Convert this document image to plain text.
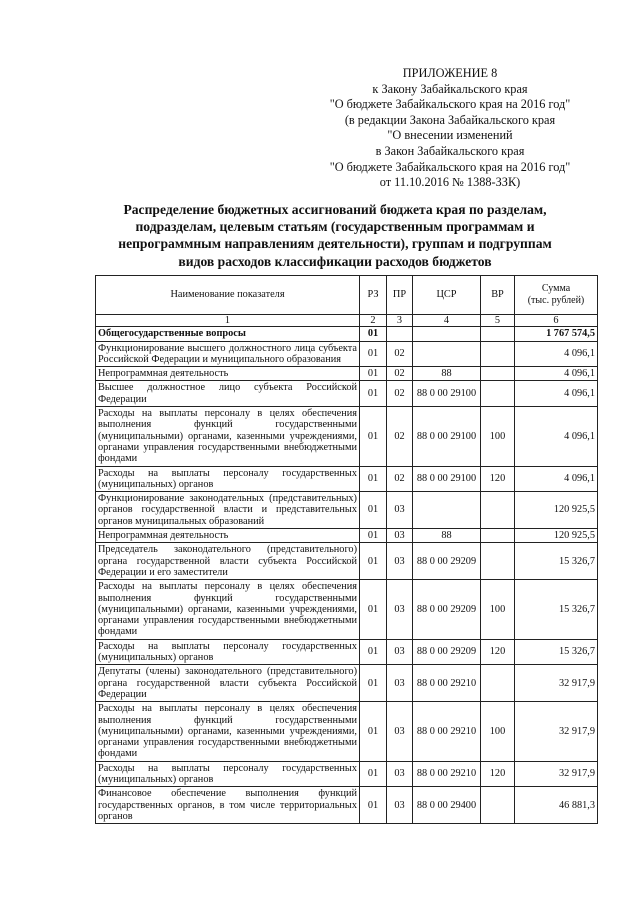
ПРИЛОЖЕНИЕ 8
к Закону Забайкальского края
"О бюджете Забайкальского края на 2016 год"
(в редакции Закона Забайкальского края
"О внесении изменений
в Закон Забайкальского края
"О бюджете Забайкальского края на 2016 год"
от 11.10.2016 № 1388-ЗЗК)
Распределение бюджетных ассигнований бюджета края по разделам,
подразделам, целевым статьям (государственным программам и
непрограммным направлениям деятельности), группам и подгруппам
видов расходов классификации расходов бюджетов
Наименование показателя	РЗ	ПР	ЦСР	ВР	Сумма
(тыс. рублей)

1	2	3	4	5	6
Общегосударственные вопросы	01				1 767 574,5
Функционирование высшего должностного лица субъекта Российской Федерации и муниципального образования	01	02			4 096,1
Непрограммная деятельность	01	02	88		4 096,1
Высшее должностное лицо субъекта Российской Федерации	01	02	88 0 00 29100		4 096,1
Расходы на выплаты персоналу в целях обеспечения выполнения функций государственными (муниципальными) органами, казенными учреждениями, органами управления государственными внебюджетными фондами	01	02	88 0 00 29100	100	4 096,1
Расходы на выплаты персоналу государственных (муниципальных) органов	01	02	88 0 00 29100	120	4 096,1
Функционирование законодательных (представительных) органов государственной власти и представительных органов муниципальных образований	01	03			120 925,5
Непрограммная деятельность	01	03	88		120 925,5
Председатель законодательного (представительного) органа государственной власти субъекта Российской Федерации и его заместители	01	03	88 0 00 29209		15 326,7
Расходы на выплаты персоналу в целях обеспечения выполнения функций государственными (муниципальными) органами, казенными учреждениями, органами управления государственными внебюджетными фондами	01	03	88 0 00 29209	100	15 326,7
Расходы на выплаты персоналу государственных (муниципальных) органов	01	03	88 0 00 29209	120	15 326,7
Депутаты (члены) законодательного (представительного) органа государственной власти субъекта Российской Федерации	01	03	88 0 00 29210		32 917,9
Расходы на выплаты персоналу в целях обеспечения выполнения функций государственными (муниципальными) органами, казенными учреждениями, органами управления государственными внебюджетными фондами	01	03	88 0 00 29210	100	32 917,9
Расходы на выплаты персоналу государственных (муниципальных) органов	01	03	88 0 00 29210	120	32 917,9
Финансовое обеспечение выполнения функций государственных органов, в том числе территориальных органов	01	03	88 0 00 29400		46 881,3
